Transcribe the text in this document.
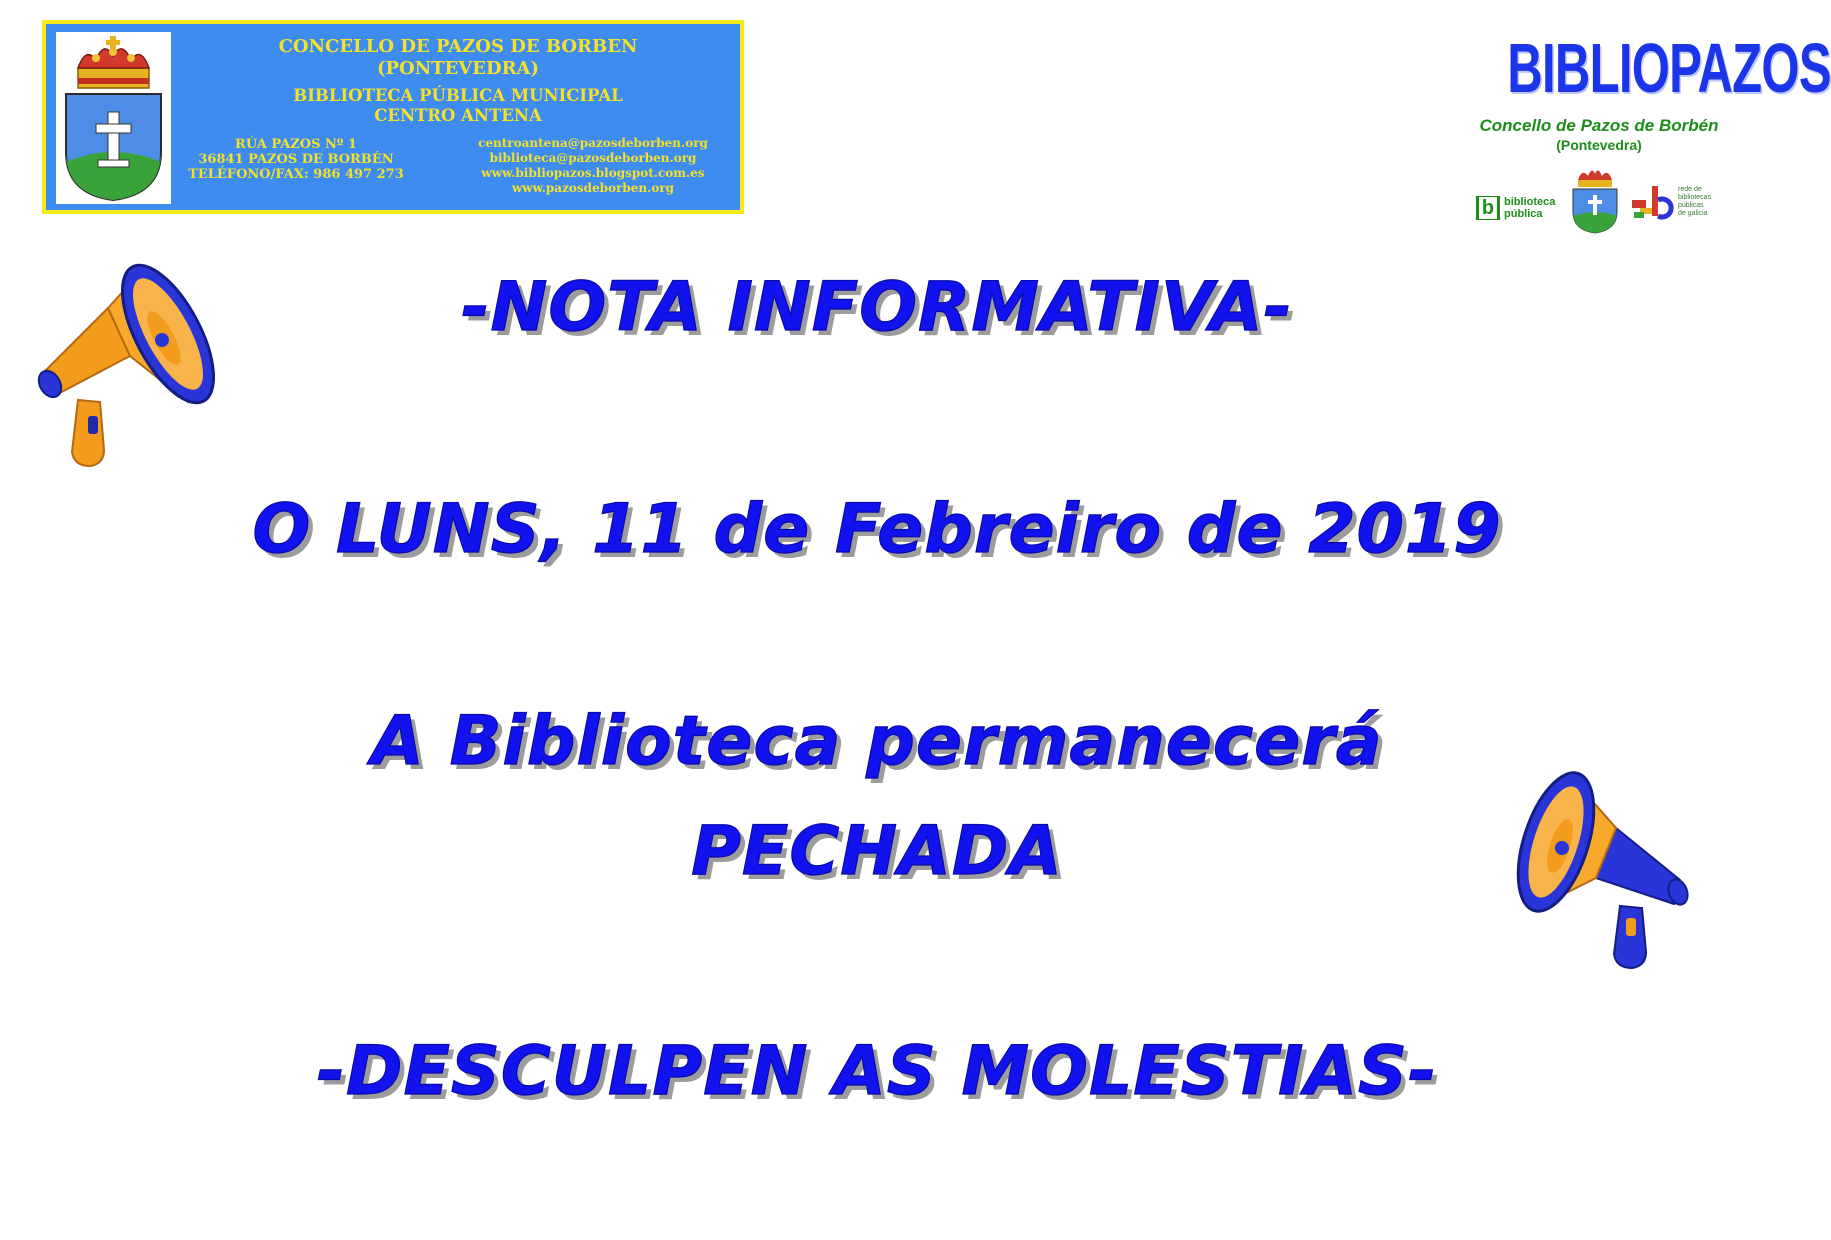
CONCELLO DE PAZOS DE BORBEN
(PONTEVEDRA)
BIBLIOTECA PÚBLICA MUNICIPAL
CENTRO ANTENA
RÚA PAZOS Nº 1
36841 PAZOS DE BORBÉN
TELÉFONO/FAX: 986 497 273
centroantena@pazosdeborben.org
biblioteca@pazosdeborben.org
www.bibliopazos.blogspot.com.es
www.pazosdeborben.org
BIBLIOPAZOS
Concello de Pazos de Borbén
(Pontevedra)
b biblioteca
pública
rede de
bibliotecas
públicas
de galicia
-NOTA INFORMATIVA-
O LUNS, 11 de Febreiro de 2019
A Biblioteca permanecerá
PECHADA
-DESCULPEN AS MOLESTIAS-
